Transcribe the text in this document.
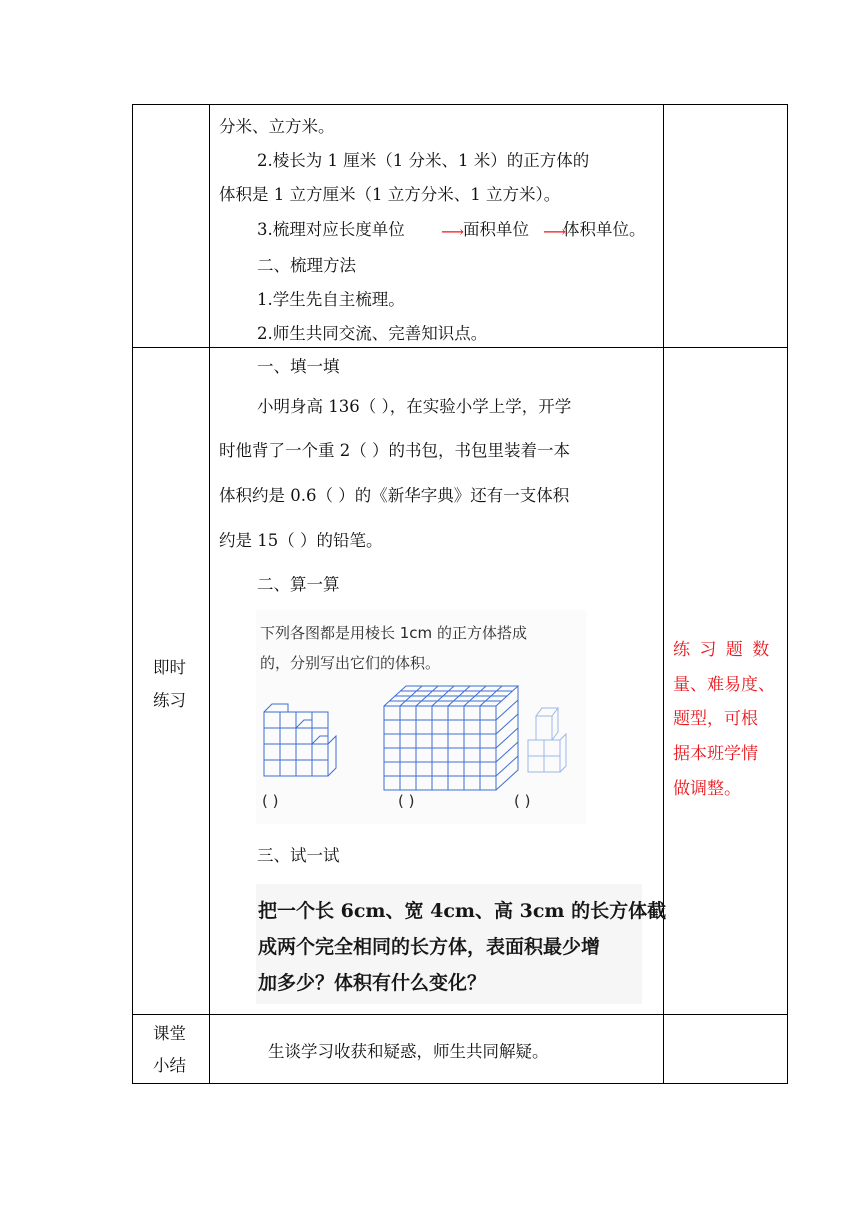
分米、立方米。
2.棱长为 1 厘米（1 分米、1 米）的正方体的
体积是 1 立方厘米（1 立方分米、1 立方米）。
3.梳理对应长度单位 ⟶ 面积单位 ⟶
体积单位。
二、梳理方法
1.学生先自主梳理。
2.师生共同交流、完善知识点。
即时
练习
一、填一填
小明身高 136（ ），在实验小学上学，开学
时他背了一个重 2（ ）的书包，书包里装着一本
体积约是 0.6（ ）的《新华字典》还有一支体积
约是 15（ ）的铅笔。
二、算一算
下列各图都是用棱长 1cm 的正方体搭成
的，分别写出它们的体积。
( )	( )	( )
三、试一试
把一个长 6cm、宽 4cm、高 3cm 的长方体截
成两个完全相同的长方体，表面积最少增
加多少？体积有什么变化？
练 习 题 数
量、难易度、
题型，可根
据本班学情
做调整。
课堂
小结
生谈学习收获和疑惑，师生共同解疑。
